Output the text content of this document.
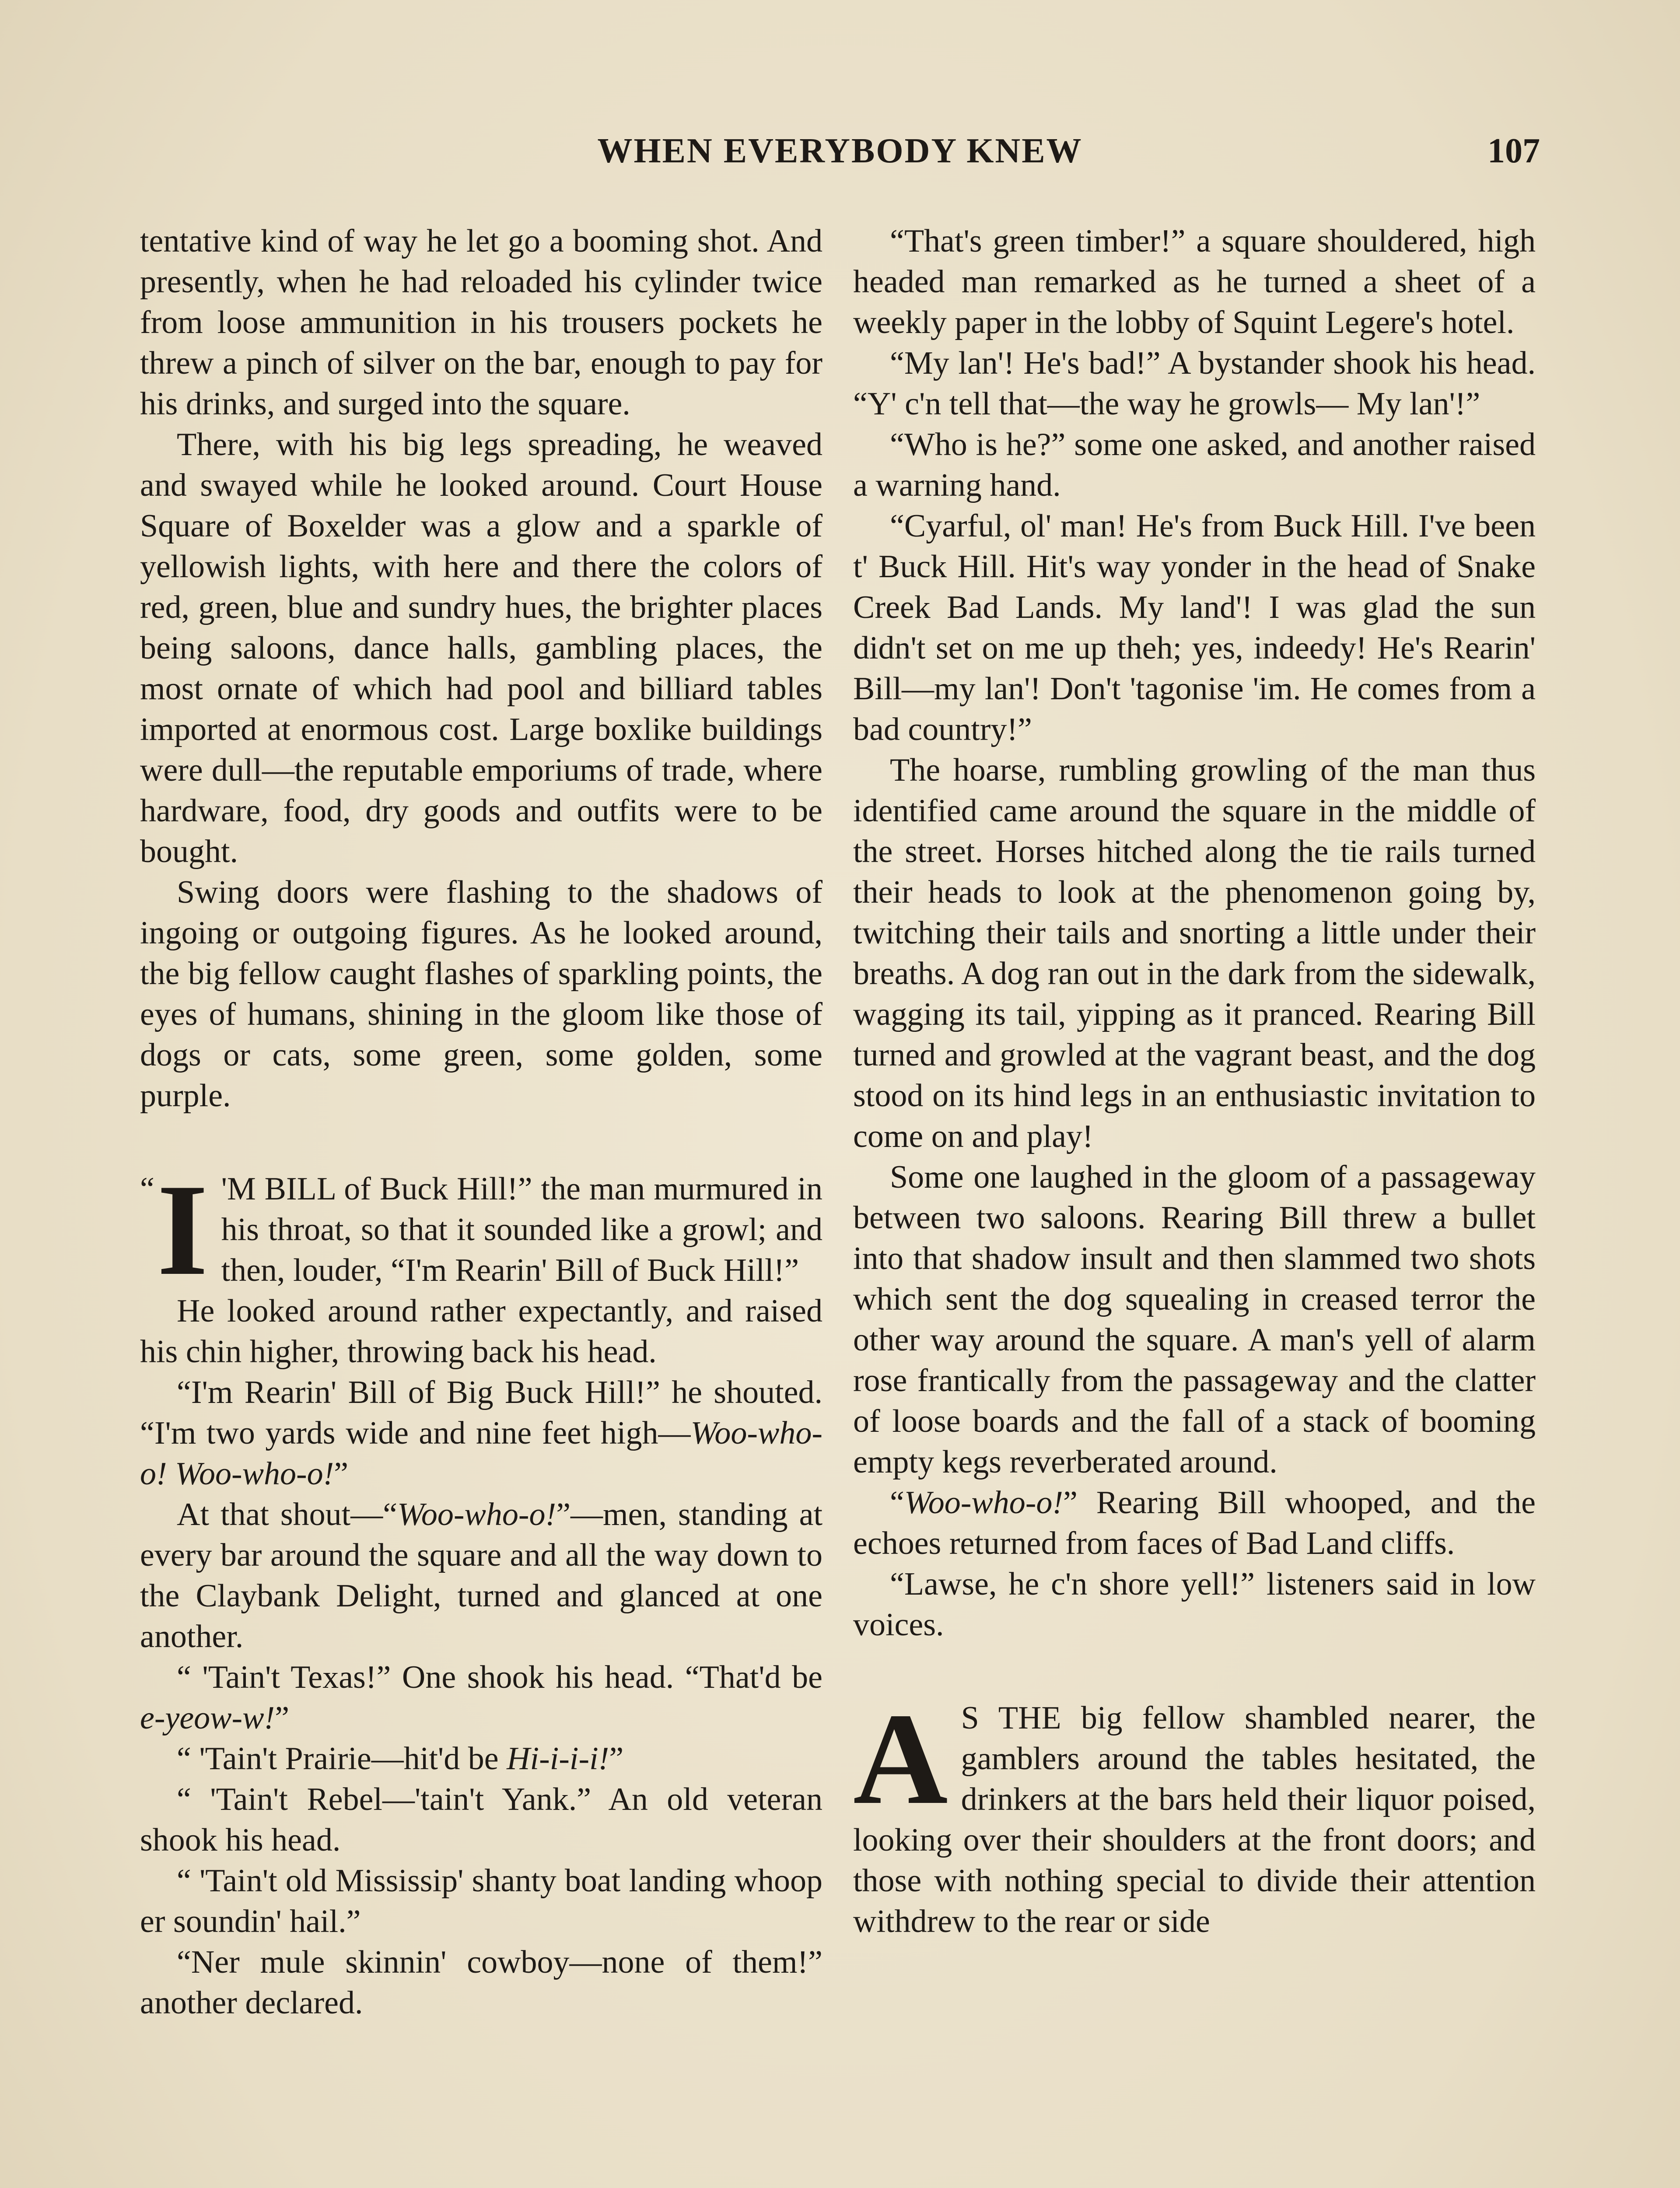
WHEN EVERYBODY KNEW	107

tentative kind of way he let go a booming shot. And presently, when he had reloaded his cylinder twice from loose ammunition in his trousers pockets he threw a pinch of silver on the bar, enough to pay for his drinks, and surged into the square.

There, with his big legs spreading, he weaved and swayed while he looked around. Court House Square of Boxelder was a glow and a sparkle of yellowish lights, with here and there the colors of red, green, blue and sundry hues, the brighter places being saloons, dance halls, gambling places, the most ornate of which had pool and billiard tables imported at enormous cost. Large boxlike buildings were dull—the reputable emporiums of trade, where hardware, food, dry goods and outfits were to be bought.

Swing doors were flashing to the shadows of ingoing or outgoing figures. As he looked around, the big fellow caught flashes of sparkling points, the eyes of humans, shining in the gloom like those of dogs or cats, some green, some golden, some purple.

“ I 'M BILL of Buck Hill!” the man murmured in his throat, so that it sounded like a growl; and then, louder, “I'm Rearin' Bill of Buck Hill!”

He looked around rather expectantly, and raised his chin higher, throwing back his head.

“I'm Rearin' Bill of Big Buck Hill!” he shouted. “I'm two yards wide and nine feet high—Woo-who-o! Woo-who-o!”

At that shout—“Woo-who-o!”—men, standing at every bar around the square and all the way down to the Claybank Delight, turned and glanced at one another.

“ 'Tain't Texas!” One shook his head. “That'd be e-yeow-w!”

“ 'Tain't Prairie—hit'd be Hi-i-i-i!”

“ 'Tain't Rebel—'tain't Yank.” An old veteran shook his head.

“ 'Tain't old Mississip' shanty boat landing whoop er soundin' hail.”

“Ner mule skinnin' cowboy—none of them!” another declared.

“That's green timber!” a square shouldered, high headed man remarked as he turned a sheet of a weekly paper in the lobby of Squint Legere's hotel.

“My lan'! He's bad!” A bystander shook his head. “Y' c'n tell that—the way he growls— My lan'!”

“Who is he?” some one asked, and another raised a warning hand.

“Cyarful, ol' man! He's from Buck Hill. I've been t' Buck Hill. Hit's way yonder in the head of Snake Creek Bad Lands. My land'! I was glad the sun didn't set on me up theh; yes, indeedy! He's Rearin' Bill—my lan'! Don't 'tagonise 'im. He comes from a bad country!”

The hoarse, rumbling growling of the man thus identified came around the square in the middle of the street. Horses hitched along the tie rails turned their heads to look at the phenomenon going by, twitching their tails and snorting a little under their breaths. A dog ran out in the dark from the sidewalk, wagging its tail, yipping as it pranced. Rearing Bill turned and growled at the vagrant beast, and the dog stood on its hind legs in an enthusiastic invitation to come on and play!

Some one laughed in the gloom of a passageway between two saloons. Rearing Bill threw a bullet into that shadow insult and then slammed two shots which sent the dog squealing in creased terror the other way around the square. A man's yell of alarm rose frantically from the passageway and the clatter of loose boards and the fall of a stack of booming empty kegs reverberated around.

“Woo-who-o!” Rearing Bill whooped, and the echoes returned from faces of Bad Land cliffs.

“Lawse, he c'n shore yell!” listeners said in low voices.

A S THE big fellow shambled nearer, the gamblers around the tables hesitated, the drinkers at the bars held their liquor poised, looking over their shoulders at the front doors; and those with nothing special to divide their attention withdrew to the rear or side
